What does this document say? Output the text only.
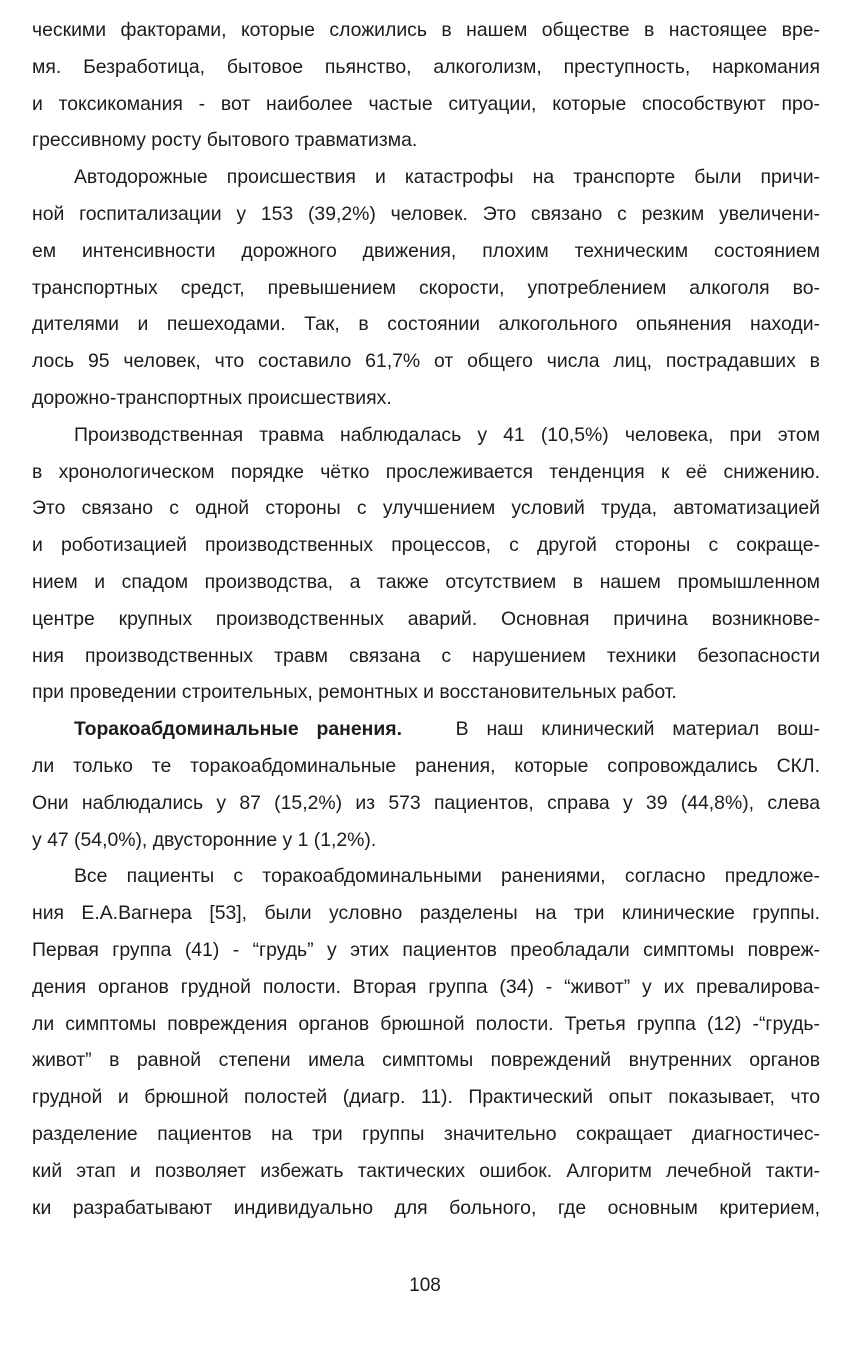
ческими факторами, которые сложились в нашем обществе в настоящее вре-
мя. Безработица, бытовое пьянство, алкоголизм, преступность, наркомания
и токсикомания - вот наиболее частые ситуации, которые способствуют про-
грессивному росту бытового травматизма.
Автодорожные происшествия и катастрофы на транспорте были причи-
ной госпитализации у 153 (39,2%) человек. Это связано с резким увеличени-
ем интенсивности дорожного движения, плохим техническим состоянием
транспортных средст, превышением скорости, употреблением алкоголя во-
дителями и пешеходами. Так, в состоянии алкогольного опьянения находи-
лось 95 человек, что составило 61,7% от общего числа лиц, пострадавших в
дорожно-транспортных происшествиях.
Производственная травма наблюдалась у 41 (10,5%) человека, при этом
в хронологическом порядке чётко прослеживается тенденция к её снижению.
Это связано с одной стороны с улучшением условий труда, автоматизацией
и роботизацией производственных процессов, с другой стороны с сокраще-
нием и спадом производства, а также отсутствием в нашем промышленном
центре крупных производственных аварий. Основная причина возникнове-
ния производственных травм связана с нарушением техники безопасности
при проведении строительных, ремонтных и восстановительных работ.
Торакоабдоминальные ранения.	В наш клинический материал вош-
ли только те торакоабдоминальные ранения, которые сопровождались СКЛ.
Они наблюдались у 87 (15,2%) из 573 пациентов, справа у 39 (44,8%), слева
у 47 (54,0%), двусторонние у 1 (1,2%).
Все пациенты с торакоабдоминальными ранениями, согласно предложе-
ния Е.А.Вагнера [53], были условно разделены на три клинические группы.
Первая группа (41) - “грудь” у этих пациентов преобладали симптомы повреж-
дения органов грудной полости. Вторая группа (34) - “живот” у их превалирова-
ли симптомы повреждения органов брюшной полости. Третья группа (12) -“грудь-
живот” в равной степени имела симптомы повреждений внутренних органов
грудной и брюшной полостей (диагр. 11). Практический опыт показывает, что
разделение пациентов на три группы значительно сокращает диагностичес-
кий этап и позволяет избежать тактических ошибок. Алгоритм лечебной такти-
ки разрабатывают индивидуально для больного, где основным критерием,
108
